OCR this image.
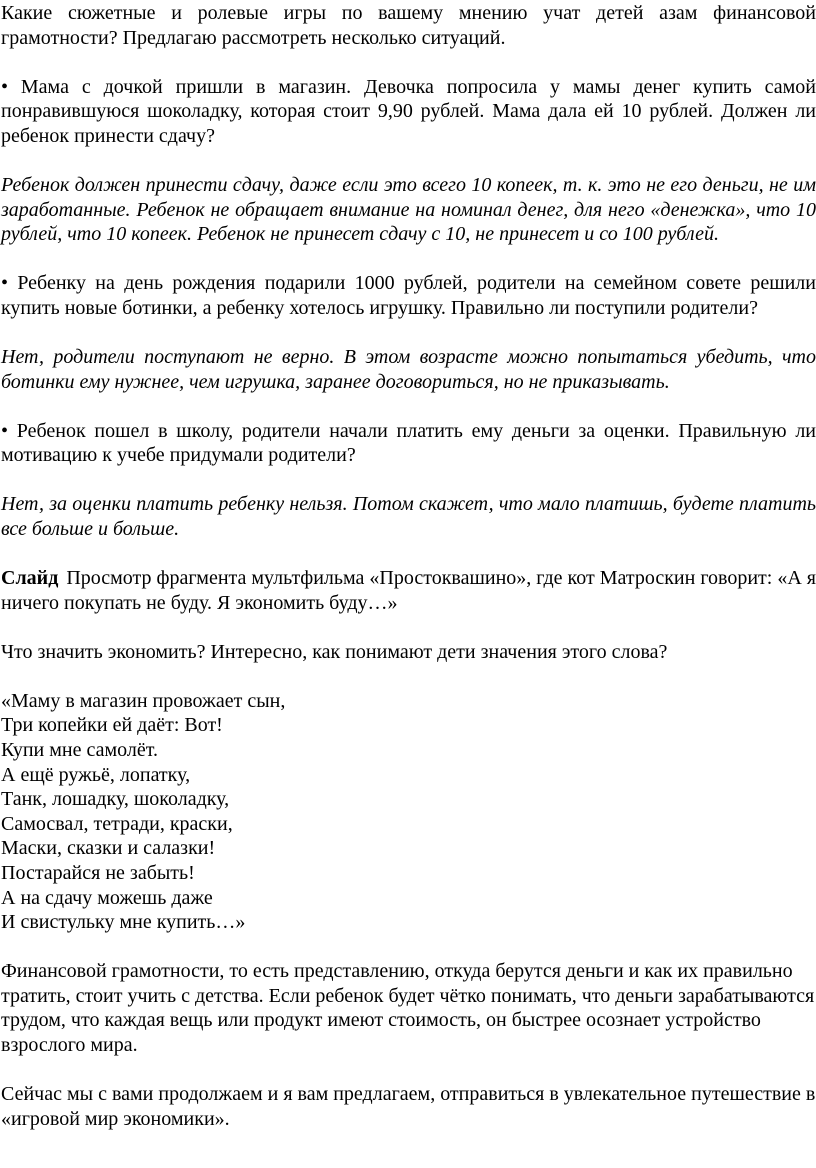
Какие сюжетные и ролевые игры по вашему мнению учат детей азам финансовой грамотности? Предлагаю рассмотреть несколько ситуаций.

• Мама с дочкой пришли в магазин. Девочка попросила у мамы денег купить самой понравившуюся шоколадку, которая стоит 9,90 рублей. Мама дала ей 10 рублей. Должен ли ребенок принести сдачу?

Ребенок должен принести сдачу, даже если это всего 10 копеек, т. к. это не его деньги, не им заработанные. Ребенок не обращает внимание на номинал денег, для него «денежка», что 10 рублей, что 10 копеек. Ребенок не принесет сдачу с 10, не принесет и со 100 рублей.

• Ребенку на день рождения подарили 1000 рублей, родители на семейном совете решили купить новые ботинки, а ребенку хотелось игрушку. Правильно ли поступили родители?

Нет, родители поступают не верно. В этом возрасте можно попытаться убедить, что ботинки ему нужнее, чем игрушка, заранее договориться, но не приказывать.

• Ребенок пошел в школу, родители начали платить ему деньги за оценки. Правильную ли мотивацию к учебе придумали родители?

Нет, за оценки платить ребенку нельзя. Потом скажет, что мало платишь, будете платить все больше и больше.

Слайд Просмотр фрагмента мультфильма «Простоквашино», где кот Матроскин говорит: «А я ничего покупать не буду. Я экономить буду…»

Что значить экономить? Интересно, как понимают дети значения этого слова?

«Маму в магазин провожает сын,
Три копейки ей даёт: Вот!
Купи мне самолёт.
А ещё ружьё, лопатку,
Танк, лошадку, шоколадку,
Самосвал, тетради, краски,
Маски, сказки и салазки!
Постарайся не забыть!
А на сдачу можешь даже
И свистульку мне купить…»

Финансовой грамотности, то есть представлению, откуда берутся деньги и как их правильно тратить, стоит учить с детства. Если ребенок будет чётко понимать, что деньги зарабатываются трудом, что каждая вещь или продукт имеют стоимость, он быстрее осознает устройство взрослого мира.

Сейчас мы с вами продолжаем и я вам предлагаем, отправиться в увлекательное путешествие в «игровой мир экономики».
